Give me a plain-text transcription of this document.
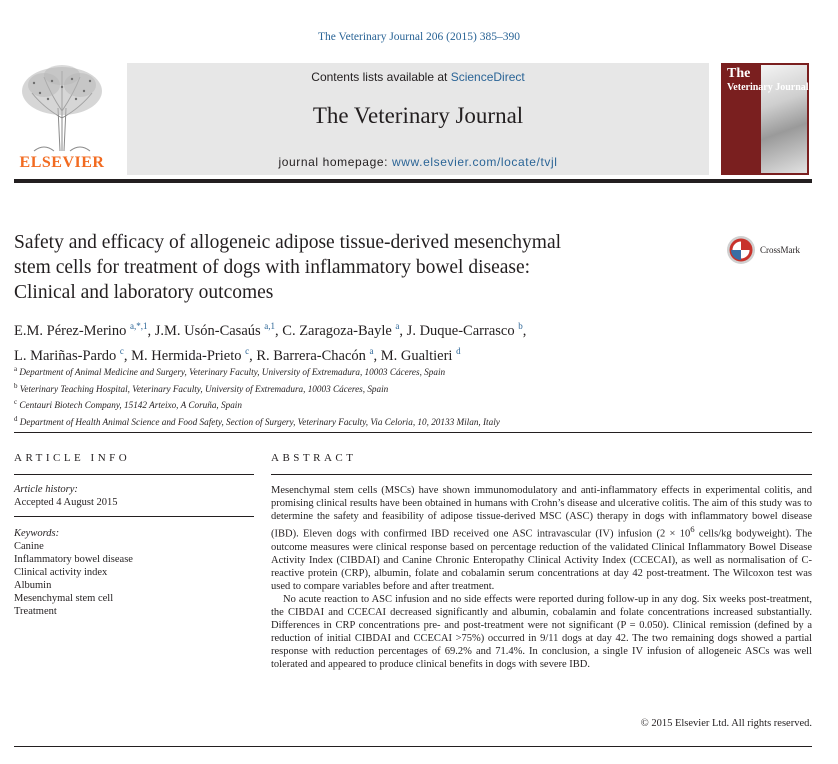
The Veterinary Journal 206 (2015) 385–390
ELSEVIER
Contents lists available at ScienceDirect
The Veterinary Journal
journal homepage: www.elsevier.com/locate/tvjl
The
Veterinary Journal
Safety and efficacy of allogeneic adipose tissue-derived mesenchymal
stem cells for treatment of dogs with inflammatory bowel disease:
Clinical and laboratory outcomes
CrossMark
E.M. Pérez-Merino $^{a,*,1}$, J.M. Usón-Casaús $^{a,1}$, C. Zaragoza-Bayle $^a$, J. Duque-Carrasco $^b$,
L. Mariñas-Pardo $^c$, M. Hermida-Prieto $^c$, R. Barrera-Chacón $^a$, M. Gualtieri $^d$
$^a$ Department of Animal Medicine and Surgery, Veterinary Faculty, University of Extremadura, 10003 Cáceres, Spain
$^b$ Veterinary Teaching Hospital, Veterinary Faculty, University of Extremadura, 10003 Cáceres, Spain
$^c$ Centauri Biotech Company, 15142 Arteixo, A Coruña, Spain
$^d$ Department of Health Animal Science and Food Safety, Section of Surgery, Veterinary Faculty, Via Celoria, 10, 20133 Milan, Italy
ARTICLE INFO	ABSTRACT
Article history:
Accepted 4 August 2015
Keywords:
Canine
Inflammatory bowel disease
Clinical activity index
Albumin
Mesenchymal stem cell
Treatment

Mesenchymal stem cells (MSCs) have shown immunomodulatory and anti-inflammatory effects in experimental colitis, and promising clinical results have been obtained in humans with Crohn’s disease and ulcerative colitis. The aim of this study was to determine the safety and feasibility of adipose tissue-derived MSC (ASC) therapy in dogs with inflammatory bowel disease (IBD). Eleven dogs with confirmed IBD received one ASC intravascular (IV) infusion ($2 \times 10^6$ cells/kg bodyweight). The outcome measures were clinical response based on percentage reduction of the validated Clinical Inflammatory Bowel Disease Activity Index (CIBDAI) and Canine Chronic Enteropathy Clinical Activity Index (CCECAI), as well as normalisation of C-reactive protein (CRP), albumin, folate and cobalamin serum concentrations at day 42 post-treatment. The Wilcoxon test was used to compare variables before and after treatment.

No acute reaction to ASC infusion and no side effects were reported during follow-up in any dog. Six weeks post-treatment, the CIBDAI and CCECAI decreased significantly and albumin, cobalamin and folate concentrations increased substantially. Differences in CRP concentrations pre- and post-treatment were not significant (P = 0.050). Clinical remission (defined by a reduction of initial CIBDAI and CCECAI >75%) occurred in 9/11 dogs at day 42. The two remaining dogs showed a partial response with reduction percentages of 69.2% and 71.4%. In conclusion, a single IV infusion of allogeneic ASCs was well tolerated and appeared to produce clinical benefits in dogs with severe IBD.

© 2015 Elsevier Ltd. All rights reserved.
